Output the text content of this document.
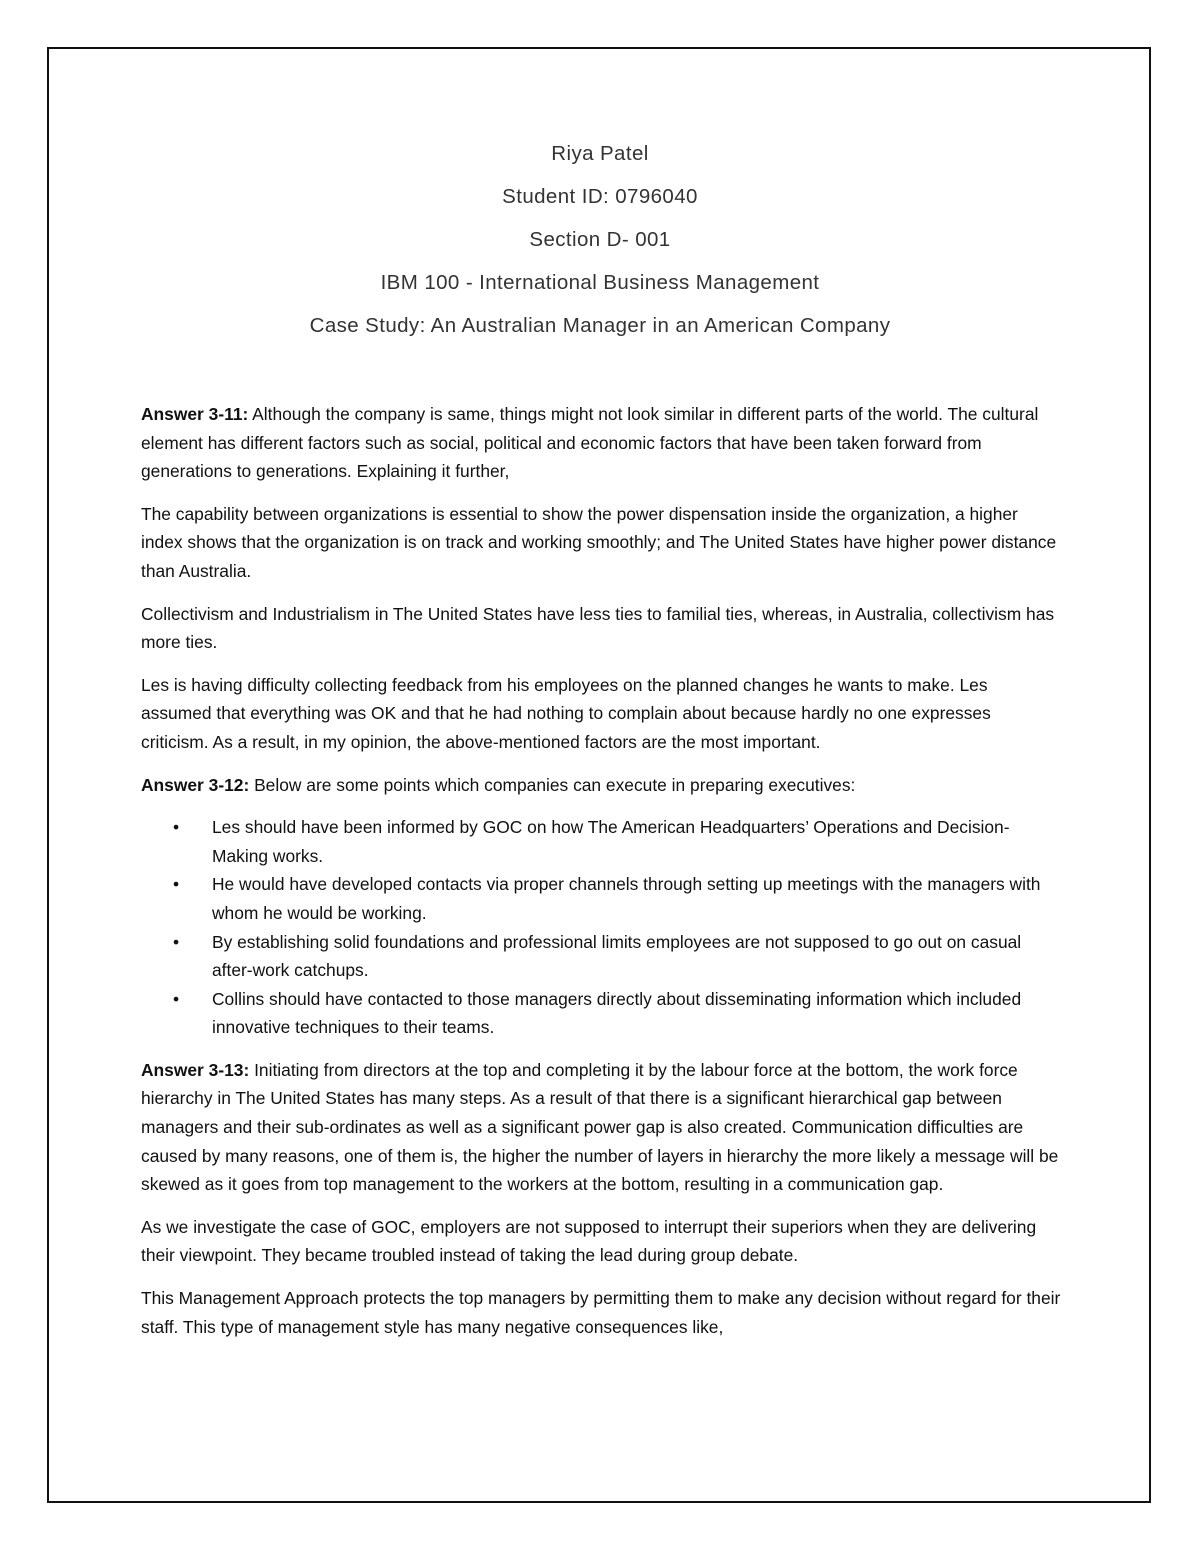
Riya Patel
Student ID: 0796040
Section D- 001
IBM 100 - International Business Management
Case Study: An Australian Manager in an American Company

Answer 3-11: Although the company is same, things might not look similar in different parts of the world. The cultural element has different factors such as social, political and economic factors that have been taken forward from generations to generations. Explaining it further,

The capability between organizations is essential to show the power dispensation inside the organization, a higher index shows that the organization is on track and working smoothly; and The United States have higher power distance than Australia.

Collectivism and Industrialism in The United States have less ties to familial ties, whereas, in Australia, collectivism has more ties.

Les is having difficulty collecting feedback from his employees on the planned changes he wants to make. Les assumed that everything was OK and that he had nothing to complain about because hardly no one expresses criticism. As a result, in my opinion, the above-mentioned factors are the most important.

Answer 3-12: Below are some points which companies can execute in preparing executives:

• Les should have been informed by GOC on how The American Headquarters’ Operations and Decision-Making works.
• He would have developed contacts via proper channels through setting up meetings with the managers with whom he would be working.
• By establishing solid foundations and professional limits employees are not supposed to go out on casual after-work catchups.
• Collins should have contacted to those managers directly about disseminating information which included innovative techniques to their teams.

Answer 3-13: Initiating from directors at the top and completing it by the labour force at the bottom, the work force hierarchy in The United States has many steps. As a result of that there is a significant hierarchical gap between managers and their sub-ordinates as well as a significant power gap is also created. Communication difficulties are caused by many reasons, one of them is, the higher the number of layers in hierarchy the more likely a message will be skewed as it goes from top management to the workers at the bottom, resulting in a communication gap.

As we investigate the case of GOC, employers are not supposed to interrupt their superiors when they are delivering their viewpoint. They became troubled instead of taking the lead during group debate.

This Management Approach protects the top managers by permitting them to make any decision without regard for their staff. This type of management style has many negative consequences like,
